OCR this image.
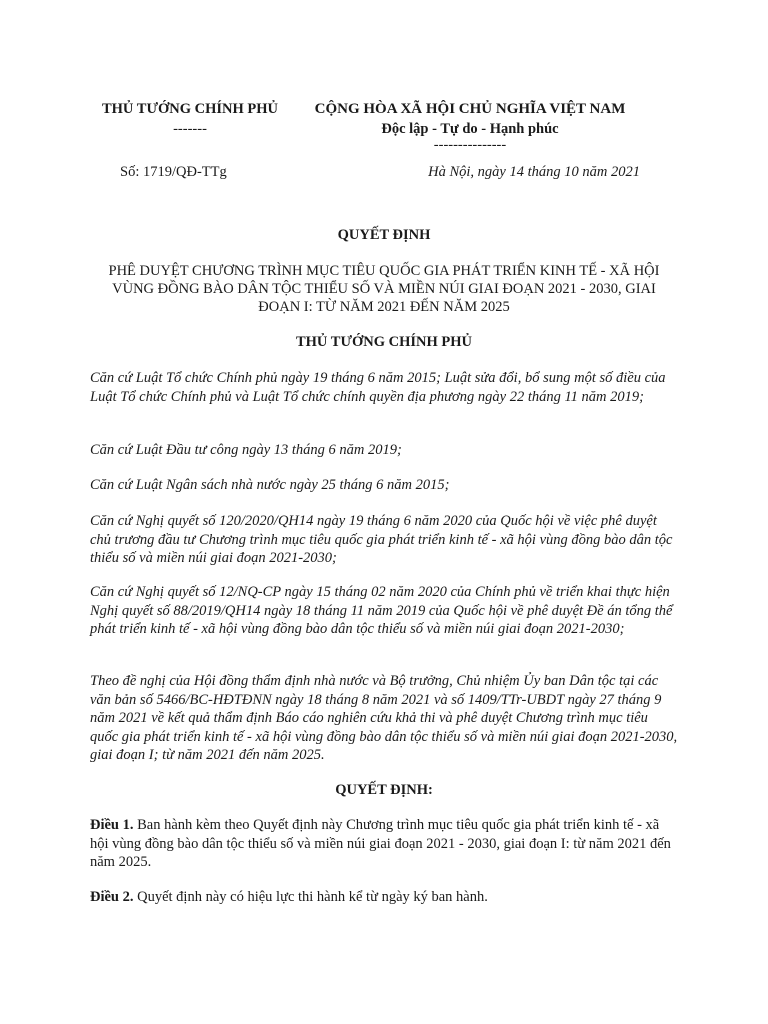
THỦ TƯỚNG CHÍNH PHỦ
-------
CỘNG HÒA XÃ HỘI CHỦ NGHĨA VIỆT NAM
Độc lập - Tự do - Hạnh phúc
---------------
Số: 1719/QĐ-TTg	Hà Nội, ngày 14 tháng 10 năm 2021
QUYẾT ĐỊNH
PHÊ DUYỆT CHƯƠNG TRÌNH MỤC TIÊU QUỐC GIA PHÁT TRIỂN KINH TẾ - XÃ HỘI VÙNG ĐỒNG BÀO DÂN TỘC THIỂU SỐ VÀ MIỀN NÚI GIAI ĐOẠN 2021 - 2030, GIAI ĐOẠN I: TỪ NĂM 2021 ĐẾN NĂM 2025
THỦ TƯỚNG CHÍNH PHỦ
Căn cứ Luật Tổ chức Chính phủ ngày 19 tháng 6 năm 2015; Luật sửa đổi, bổ sung một số điều của Luật Tổ chức Chính phủ và Luật Tổ chức chính quyền địa phương ngày 22 tháng 11 năm 2019;
Căn cứ Luật Đầu tư công ngày 13 tháng 6 năm 2019;
Căn cứ Luật Ngân sách nhà nước ngày 25 tháng 6 năm 2015;
Căn cứ Nghị quyết số 120/2020/QH14 ngày 19 tháng 6 năm 2020 của Quốc hội về việc phê duyệt chủ trương đầu tư Chương trình mục tiêu quốc gia phát triển kinh tế - xã hội vùng đồng bào dân tộc thiểu số và miền núi giai đoạn 2021-2030;
Căn cứ Nghị quyết số 12/NQ-CP ngày 15 tháng 02 năm 2020 của Chính phủ về triển khai thực hiện Nghị quyết số 88/2019/QH14 ngày 18 tháng 11 năm 2019 của Quốc hội về phê duyệt Đề án tổng thể phát triển kinh tế - xã hội vùng đồng bào dân tộc thiểu số và miền núi giai đoạn 2021-2030;
Theo đề nghị của Hội đồng thẩm định nhà nước và Bộ trưởng, Chủ nhiệm Ủy ban Dân tộc tại các văn bản số 5466/BC-HĐTĐNN ngày 18 tháng 8 năm 2021 và số 1409/TTr-UBDT ngày 27 tháng 9 năm 2021 về kết quả thẩm định Báo cáo nghiên cứu khả thi và phê duyệt Chương trình mục tiêu quốc gia phát triển kinh tế - xã hội vùng đồng bào dân tộc thiểu số và miền núi giai đoạn 2021-2030, giai đoạn I; từ năm 2021 đến năm 2025.
QUYẾT ĐỊNH:
Điều 1. Ban hành kèm theo Quyết định này Chương trình mục tiêu quốc gia phát triển kinh tế - xã hội vùng đồng bào dân tộc thiểu số và miền núi giai đoạn 2021 - 2030, giai đoạn I: từ năm 2021 đến năm 2025.
Điều 2. Quyết định này có hiệu lực thi hành kể từ ngày ký ban hành.
